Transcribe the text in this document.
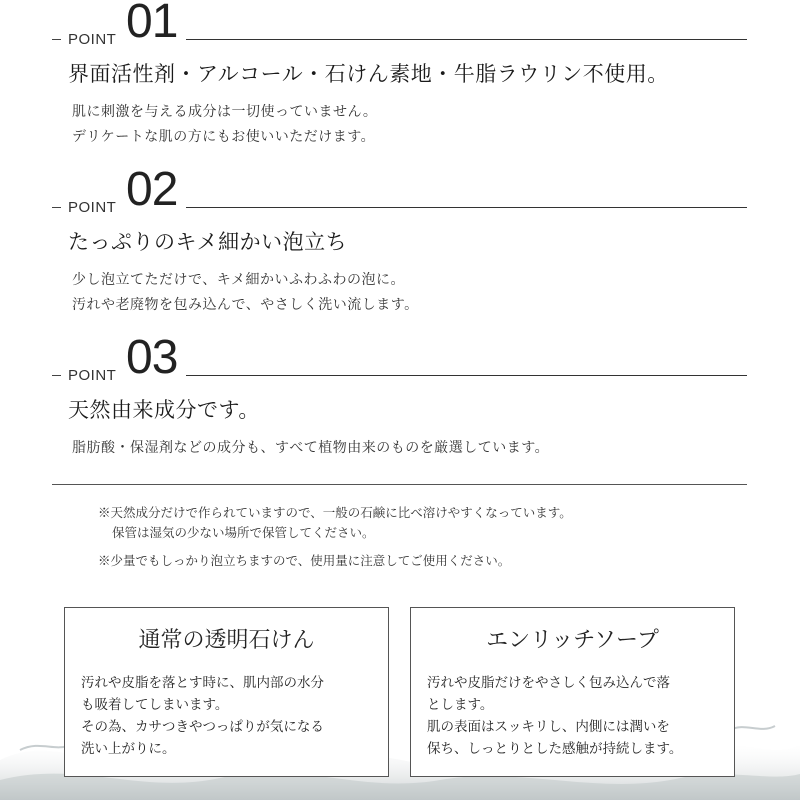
POINT 01
界面活性剤・アルコール・石けん素地・牛脂ラウリン不使用。
肌に刺激を与える成分は一切使っていません。
デリケートな肌の方にもお使いいただけます。
POINT 02
たっぷりのキメ細かい泡立ち
少し泡立てただけで、キメ細かいふわふわの泡に。
汚れや老廃物を包み込んで、やさしく洗い流します。
POINT 03
天然由来成分です。
脂肪酸・保湿剤などの成分も、すべて植物由来のものを厳選しています。

※天然成分だけで作られていますので、一般の石鹸に比べ溶けやすくなっています。

保管は湿気の少ない場所で保管してください。

※少量でもしっかり泡立ちますので、使用量に注意してご使用ください。

通常の透明石けん

汚れや皮脂を落とす時に、肌内部の水分
も吸着してしまいます。
その為、カサつきやつっぱりが気になる
洗い上がりに。

エンリッチソープ

汚れや皮脂だけをやさしく包み込んで落
とします。
肌の表面はスッキリし、内側には潤いを
保ち、しっとりとした感触が持続します。
